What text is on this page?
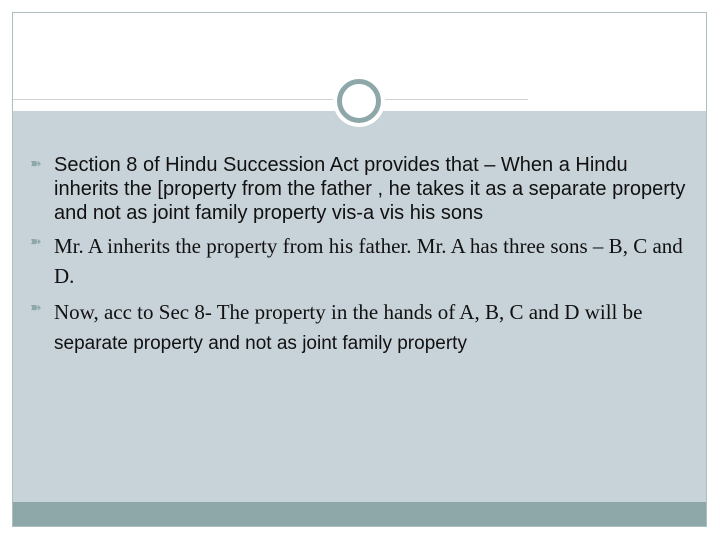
➽ Section 8 of Hindu Succession Act provides that – When a Hindu inherits the [property from the father , he takes it as a separate property and not as joint family property vis-a vis his sons
➽ Mr. A inherits the property from his father. Mr. A has three sons – B, C and D.
➽ Now, acc to Sec 8- The property in the hands of A, B, C and D will be separate property and not as joint family property
